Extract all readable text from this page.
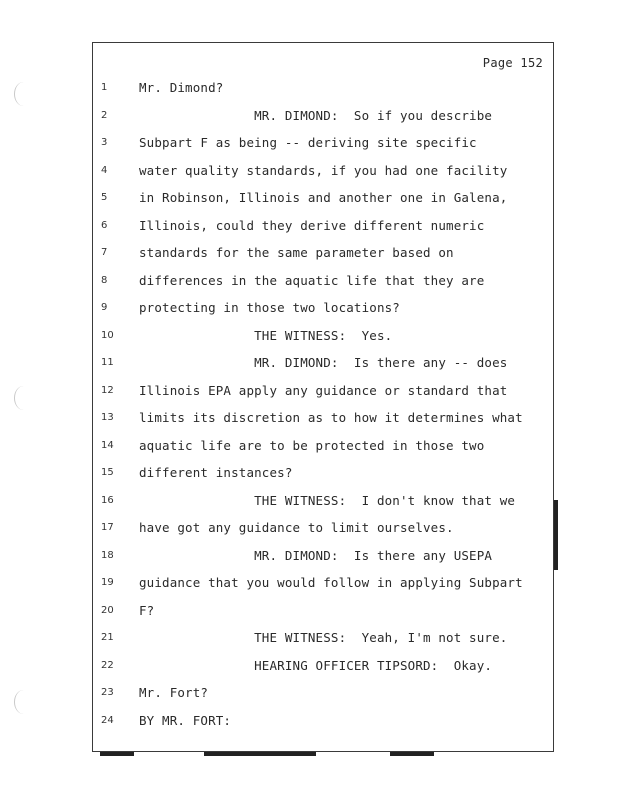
Page 152
1	Mr. Dimond?
2	MR. DIMOND:  So if you describe
3	Subpart F as being -- deriving site specific
4	water quality standards, if you had one facility
5	in Robinson, Illinois and another one in Galena,
6	Illinois, could they derive different numeric
7	standards for the same parameter based on
8	differences in the aquatic life that they are
9	protecting in those two locations?
10	THE WITNESS:  Yes.
11	MR. DIMOND:  Is there any -- does
12	Illinois EPA apply any guidance or standard that
13	limits its discretion as to how it determines what
14	aquatic life are to be protected in those two
15	different instances?
16	THE WITNESS:  I don't know that we
17	have got any guidance to limit ourselves.
18	MR. DIMOND:  Is there any USEPA
19	guidance that you would follow in applying Subpart
20	F?
21	THE WITNESS:  Yeah, I'm not sure.
22	HEARING OFFICER TIPSORD:  Okay.
23	Mr. Fort?
24	BY MR. FORT:
